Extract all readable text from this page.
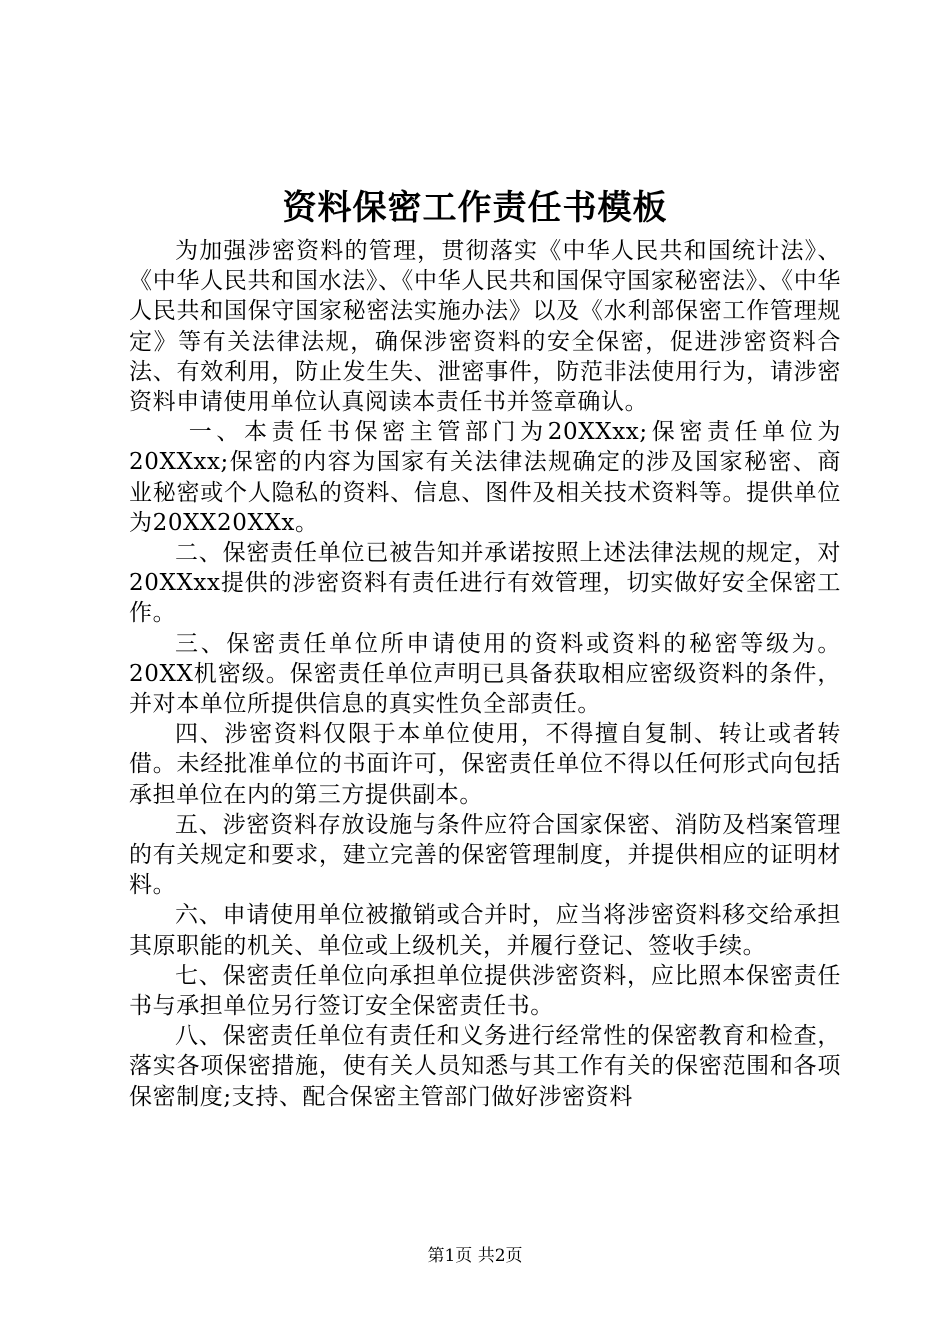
资料保密工作责任书模板

为加强涉密资料的管理，贯彻落实《中华人民共和国统计法》、《中华人民共和国水法》、《中华人民共和国保守国家秘密法》、《中华人民共和国保守国家秘密法实施办法》以及《水利部保密工作管理规定》等有关法律法规，确保涉密资料的安全保密，促进涉密资料合法、有效利用，防止发生失、泄密事件，防范非法使用行为，请涉密资料申请使用单位认真阅读本责任书并签章确认。

一、本责任书保密主管部门为20XXxx;保密责任单位为20XXxx;保密的内容为国家有关法律法规确定的涉及国家秘密、商业秘密或个人隐私的资料、信息、图件及相关技术资料等。提供单位为20XX20XXx。

二、保密责任单位已被告知并承诺按照上述法律法规的规定，对20XXxx提供的涉密资料有责任进行有效管理，切实做好安全保密工作。

三、保密责任单位所申请使用的资料或资料的秘密等级为。20XX机密级。保密责任单位声明已具备获取相应密级资料的条件，并对本单位所提供信息的真实性负全部责任。

四、涉密资料仅限于本单位使用，不得擅自复制、转让或者转借。未经批准单位的书面许可，保密责任单位不得以任何形式向包括承担单位在内的第三方提供副本。

五、涉密资料存放设施与条件应符合国家保密、消防及档案管理的有关规定和要求，建立完善的保密管理制度，并提供相应的证明材料。

六、申请使用单位被撤销或合并时，应当将涉密资料移交给承担其原职能的机关、单位或上级机关，并履行登记、签收手续。

七、保密责任单位向承担单位提供涉密资料，应比照本保密责任书与承担单位另行签订安全保密责任书。

八、保密责任单位有责任和义务进行经常性的保密教育和检查，落实各项保密措施，使有关人员知悉与其工作有关的保密范围和各项保密制度;支持、配合保密主管部门做好涉密资料

第1页 共2页
